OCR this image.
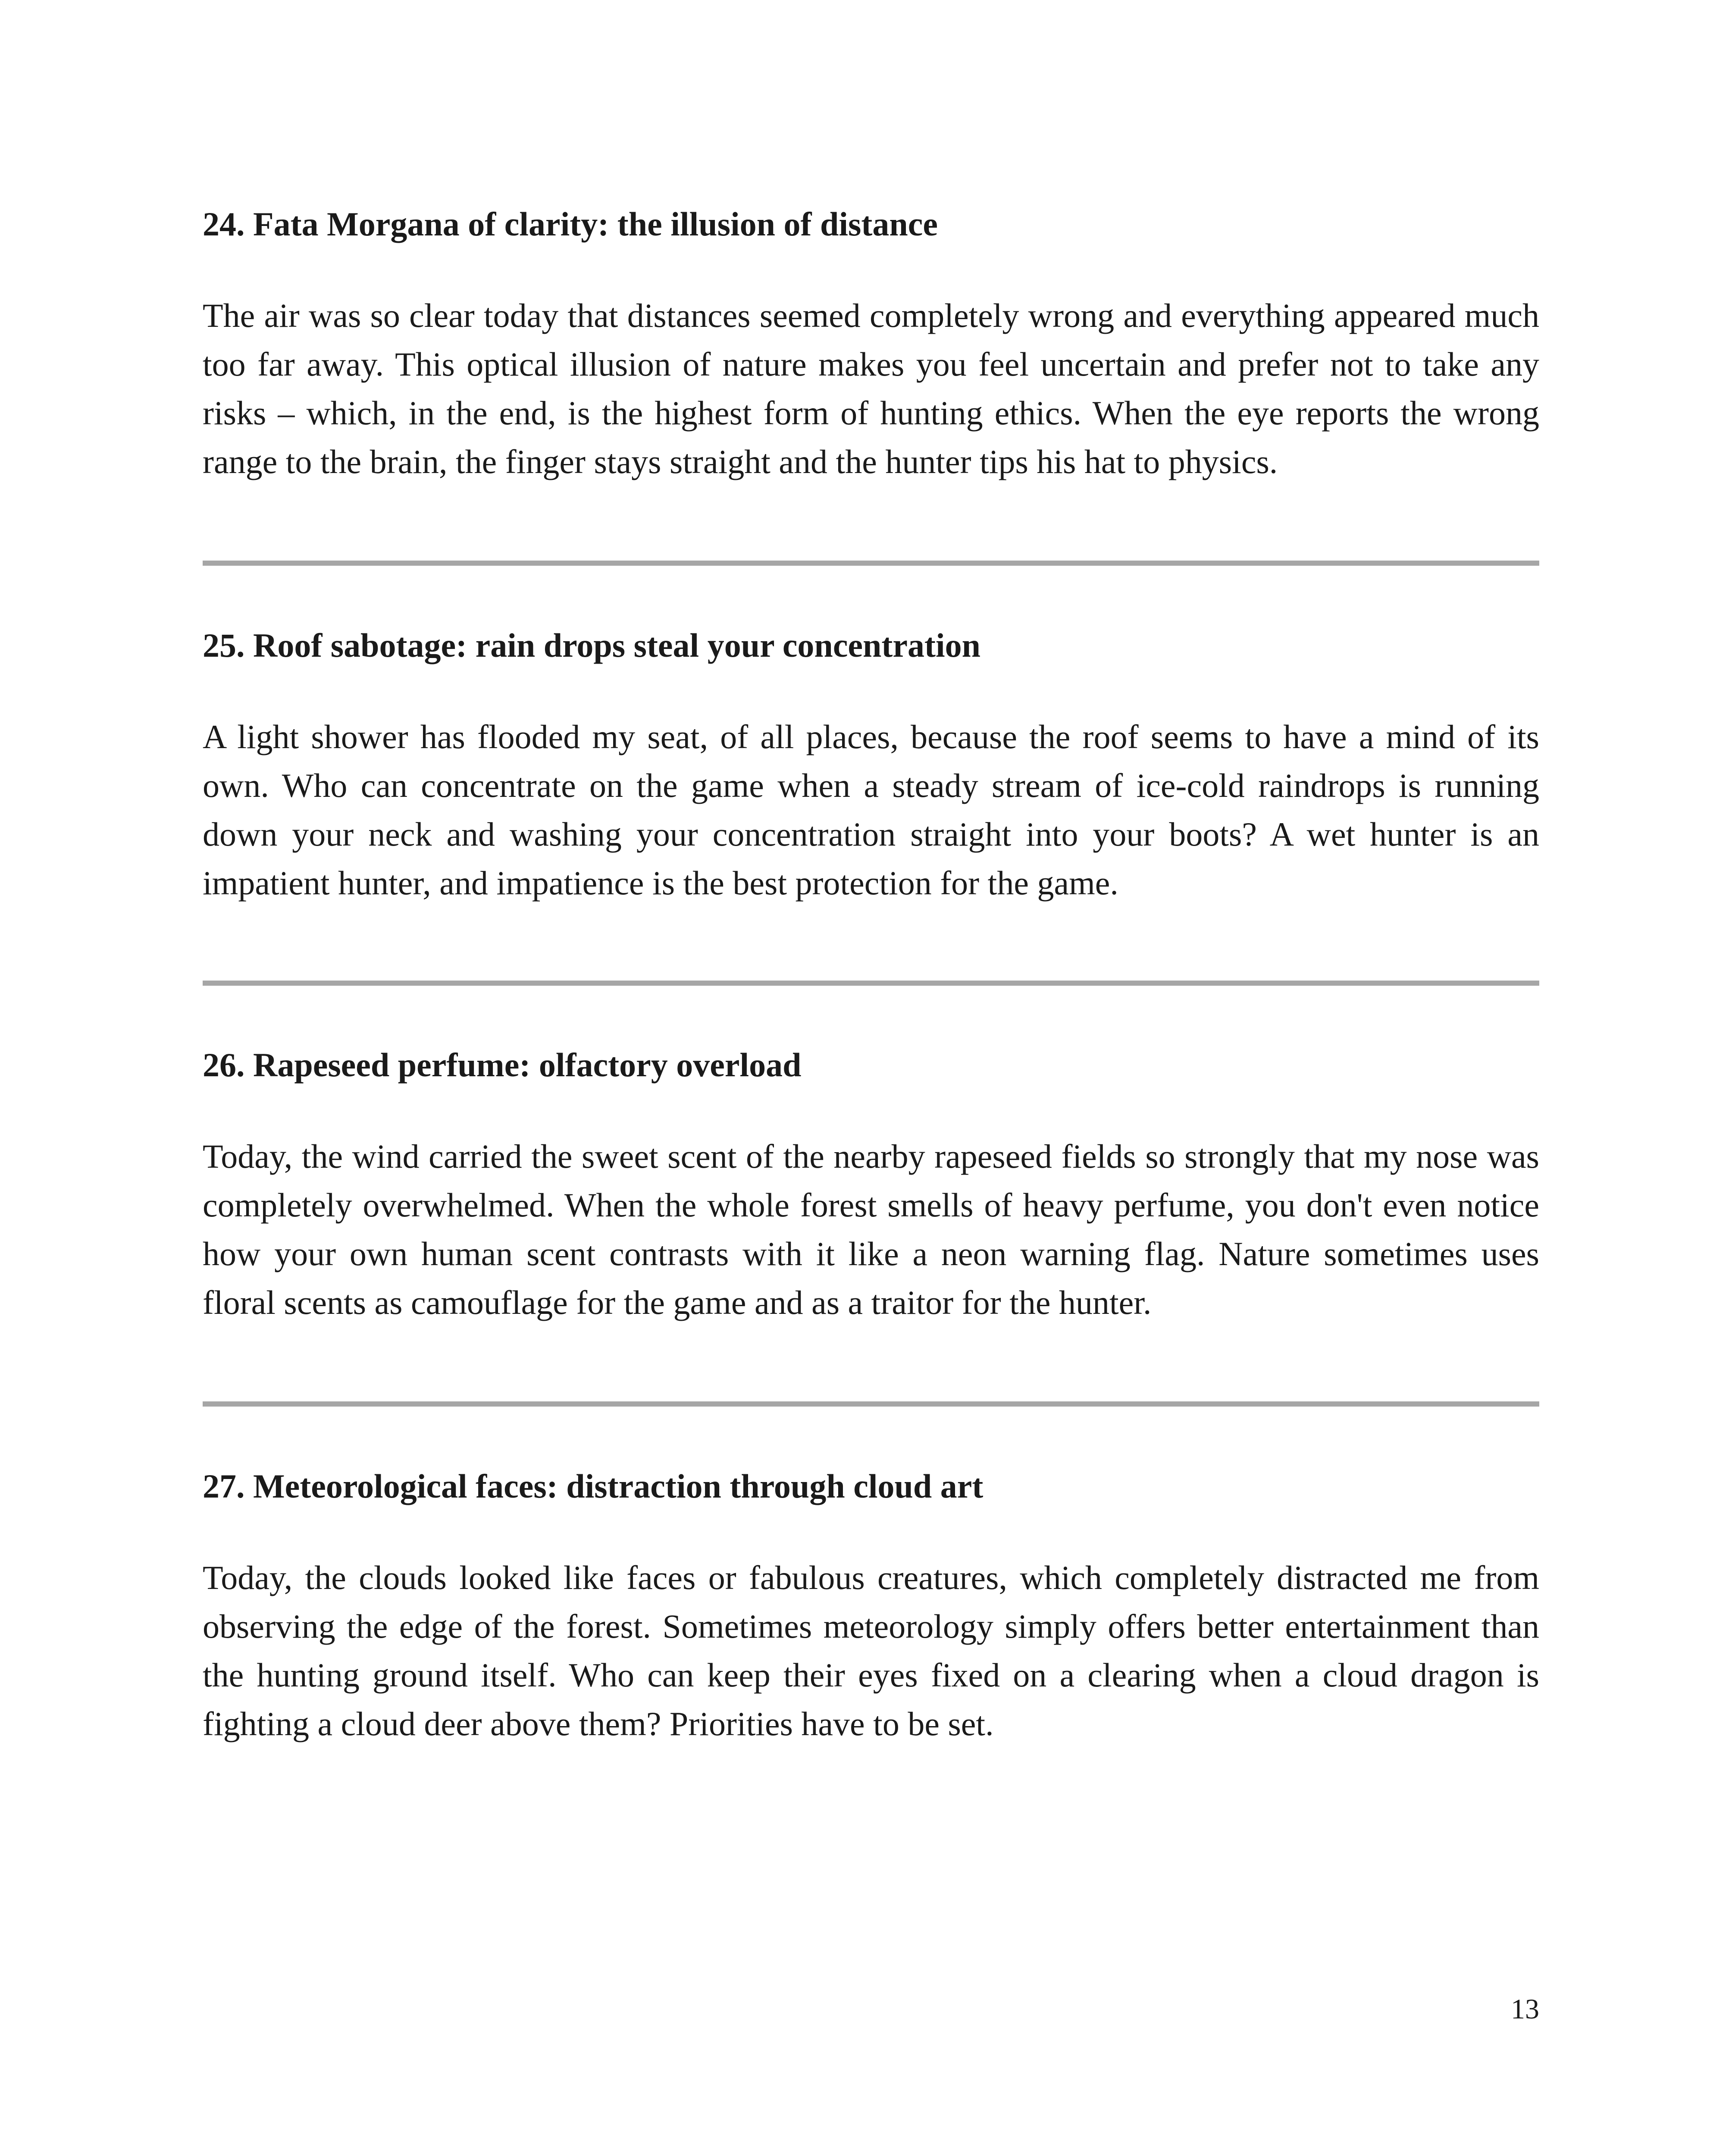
24. Fata Morgana of clarity: the illusion of distance

The air was so clear today that distances seemed completely wrong and everything appeared much too far away. This optical illusion of nature makes you feel uncertain and prefer not to take any risks – which, in the end, is the highest form of hunting ethics. When the eye reports the wrong range to the brain, the finger stays straight and the hunter tips his hat to physics.

25. Roof sabotage: rain drops steal your concentration

A light shower has flooded my seat, of all places, because the roof seems to have a mind of its own. Who can concentrate on the game when a steady stream of ice-cold raindrops is running down your neck and washing your concentration straight into your boots? A wet hunter is an impatient hunter, and impatience is the best protection for the game.

26. Rapeseed perfume: olfactory overload

Today, the wind carried the sweet scent of the nearby rapeseed fields so strongly that my nose was completely overwhelmed. When the whole forest smells of heavy perfume, you don't even notice how your own human scent contrasts with it like a neon warning flag. Nature sometimes uses floral scents as camouflage for the game and as a traitor for the hunter.

27. Meteorological faces: distraction through cloud art

Today, the clouds looked like faces or fabulous creatures, which completely distracted me from observing the edge of the forest. Sometimes meteorology simply offers better entertainment than the hunting ground itself. Who can keep their eyes fixed on a clearing when a cloud dragon is fighting a cloud deer above them? Priorities have to be set.

13
